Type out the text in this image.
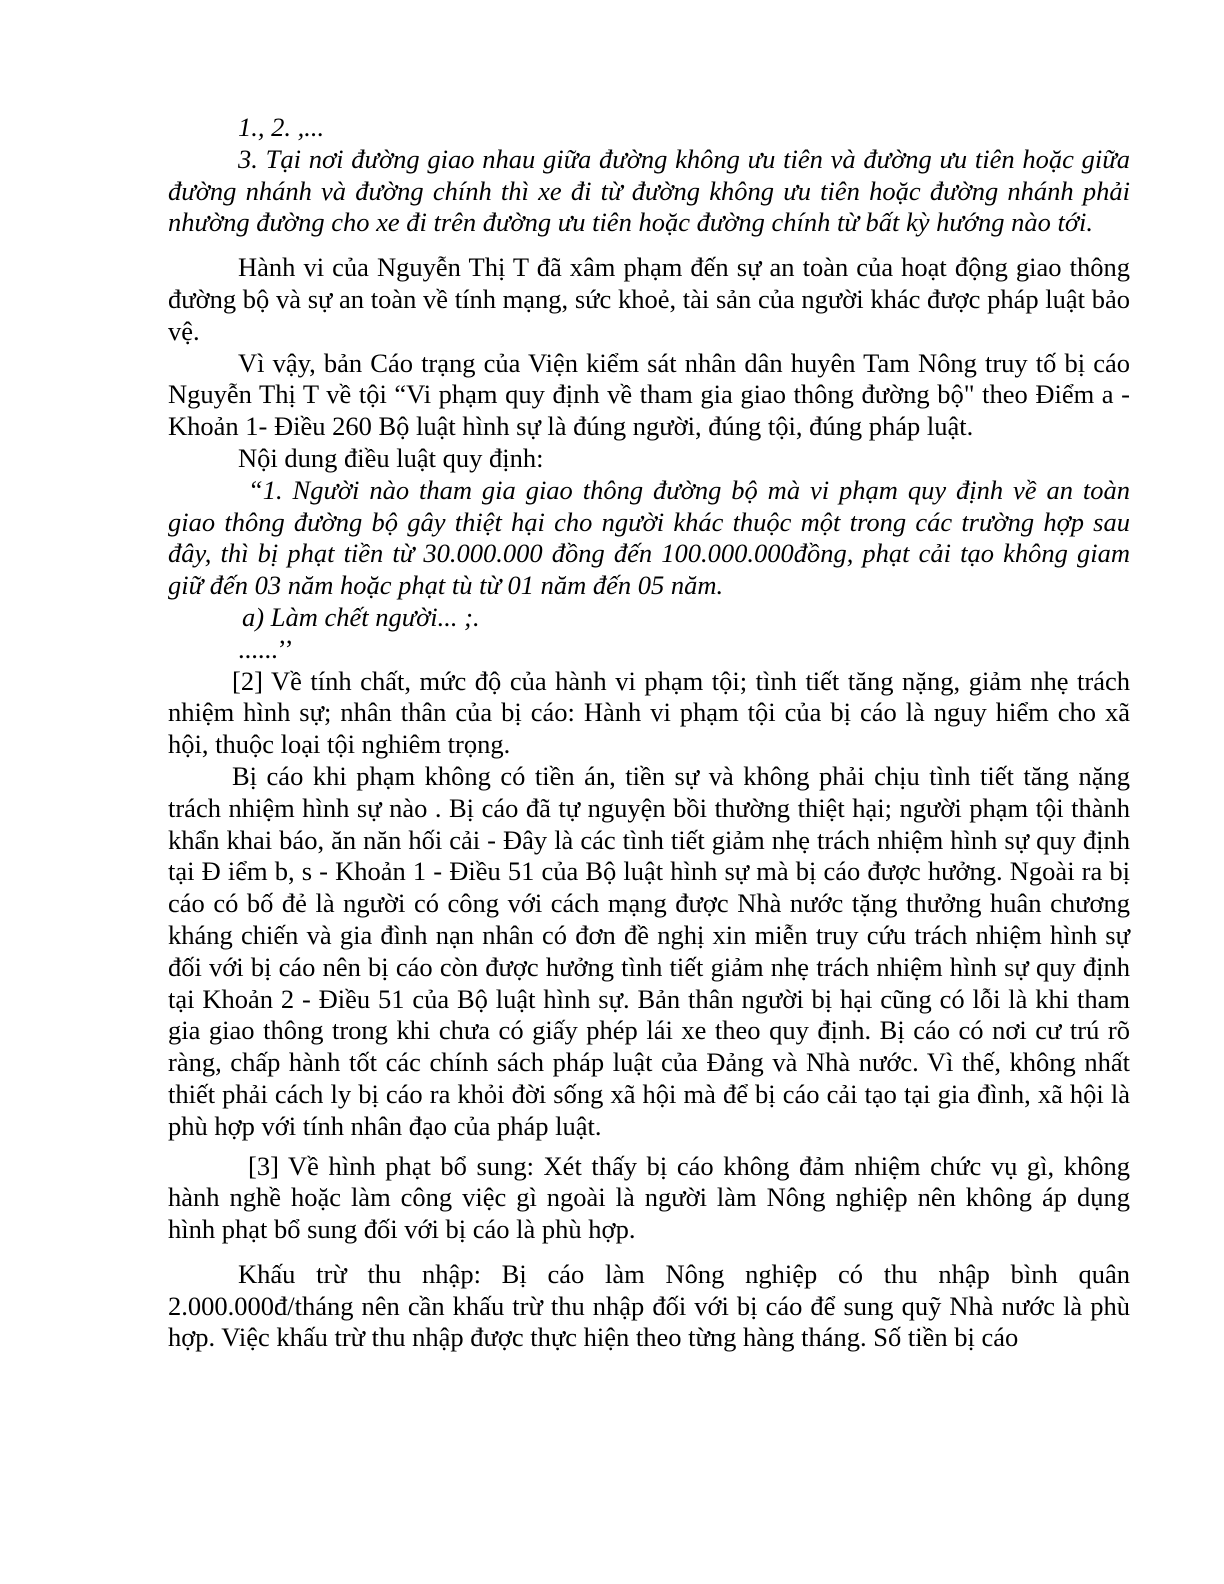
1., 2. ,...

3. Tại nơi đường giao nhau giữa đường không ưu tiên và đường ưu tiên hoặc giữa đường nhánh và đường chính thì xe đi từ đường không ưu tiên hoặc đường nhánh phải nhường đường cho xe đi trên đường ưu tiên hoặc đường chính từ bất kỳ hướng nào tới.

Hành vi của Nguyễn Thị T đã xâm phạm đến sự an toàn của hoạt động giao thông đường bộ và sự an toàn về tính mạng, sức khoẻ, tài sản của người khác được pháp luật bảo vệ.

Vì vậy, bản Cáo trạng của Viện kiểm sát nhân dân huyên Tam Nông truy tố bị cáo Nguyễn Thị T về tội “Vi phạm quy định về tham gia giao thông đường bộ" theo Điểm a - Khoản 1- Điều 260 Bộ luật hình sự là đúng người, đúng tội, đúng pháp luật.

Nội dung điều luật quy định:

“1. Người nào tham gia giao thông đường bộ mà vi phạm quy định về an toàn giao thông đường bộ gây thiệt hại cho người khác thuộc một trong các trường hợp sau đây, thì bị phạt tiền từ 30.000.000 đồng đến 100.000.000đồng, phạt cải tạo không giam giữ đến 03 năm hoặc phạt tù từ 01 năm đến 05 năm.

a) Làm chết người... ;.

......’’

[2] Về tính chất, mức độ của hành vi phạm tội; tình tiết tăng nặng, giảm nhẹ trách nhiệm hình sự; nhân thân của bị cáo: Hành vi phạm tội của bị cáo là nguy hiểm cho xã hội, thuộc loại tội nghiêm trọng.

Bị cáo khi phạm không có tiền án, tiền sự và không phải chịu tình tiết tăng nặng trách nhiệm hình sự nào . Bị cáo đã tự nguyện bồi thường thiệt hại; người phạm tội thành khẩn khai báo, ăn năn hối cải - Đây là các tình tiết giảm nhẹ trách nhiệm hình sự quy định tại Đ iểm b, s - Khoản 1 - Điều 51 của Bộ luật hình sự mà bị cáo được hưởng. Ngoài ra bị cáo có bố đẻ là người có công với cách mạng được Nhà nước tặng thưởng huân chương kháng chiến và gia đình nạn nhân có đơn đề nghị xin miễn truy cứu trách nhiệm hình sự đối với bị cáo nên bị cáo còn được hưởng tình tiết giảm nhẹ trách nhiệm hình sự quy định tại Khoản 2 - Điều 51 của Bộ luật hình sự. Bản thân người bị hại cũng có lỗi là khi tham gia giao thông trong khi chưa có giấy phép lái xe theo quy định. Bị cáo có nơi cư trú rõ ràng, chấp hành tốt các chính sách pháp luật của Đảng và Nhà nước. Vì thế, không nhất thiết phải cách ly bị cáo ra khỏi đời sống xã hội mà để bị cáo cải tạo tại gia đình, xã hội là phù hợp với tính nhân đạo của pháp luật.

[3] Về hình phạt bổ sung: Xét thấy bị cáo không đảm nhiệm chức vụ gì, không hành nghề hoặc làm công việc gì ngoài là người làm Nông nghiệp nên không áp dụng hình phạt bổ sung đối với bị cáo là phù hợp.

Khấu trừ thu nhập: Bị cáo làm Nông nghiệp có thu nhập bình quân 2.000.000đ/tháng nên cần khấu trừ thu nhập đối với bị cáo để sung quỹ Nhà nước là phù hợp. Việc khấu trừ thu nhập được thực hiện theo từng hàng tháng. Số tiền bị cáo
